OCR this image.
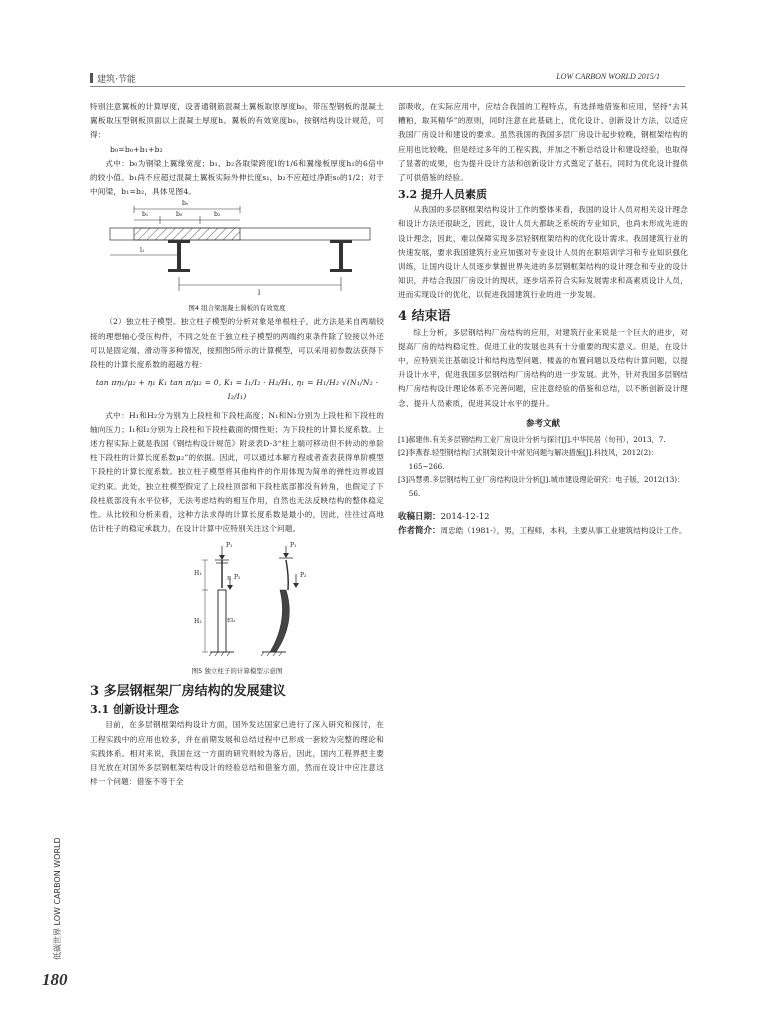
建筑·节能	LOW CARBON WORLD 2015/1
低碳世界 LOW CARBON WORLD
180

特别注意翼板的计算厚度，设普通钢筋混凝土翼板取原厚度h₀，带压型钢板的混凝土翼板取压型钢板顶面以上混凝土厚度h。翼板的有效宽度b₀，按钢结构设计规范，可得：

b₀=b₀+b₁+b₂

式中：b₀为钢梁上翼缘宽度；b₁、b₂各取梁跨度l的1/6和翼缘板厚度h₁的6倍中的较小值。b₁尚不应超过混凝土翼板实际外伸长度s₁，b₂不应超过净距s₀的1/2；对于中间梁，b₁=b₂，具体见图4。

bₑ
b₁	b₀	b₂
l₁
l
图4 组合梁混凝土翼板的有效宽度

（2）独立柱子模型。独立柱子模型的分析对象是单根柱子，此方法是来自两端铰接的理想轴心受压构件，不同之处在于独立柱子模型的两端约束条件除了铰接以外还可以是固定端、滑动等多种情况，按照图5所示的计算模型，可以采用初参数法获得下段柱的计算长度系数的超越方程：

tan πη₁/μ₂ + η₁ K₁ tan π/μ₂ = 0, K₁ = I₁/I₂ · H₂/H₁, η₁ = H₁/H₂ √(N₁/N₂ · I₂/I₁)

式中：H₁和H₂分为别为上段柱和下段柱高度；N₁和N₂分别为上段柱和下段柱的轴向压力；I₁和I₂分别为上段柱和下段柱截面的惯性矩；为下段柱的计算长度系数。上述方程实际上就是我国《钢结构设计规范》附录表D-3“柱上端可移动但不转动的单阶柱下段柱的计算长度系数μ₂”的依据。因此，可以通过本解方程或者查表获得单阶模型下段柱的计算长度系数。独立柱子模型将其他构件的作用体现为简单的弹性边界或固定约束。此处，独立柱模型假定了上段柱顶部和下段柱底部都没有转角，也假定了下段柱底部没有水平位移，无法考虑结构的相互作用，自然也无法反映结构的整体稳定性。从比较和分析来看，这种方法求得的计算长度系数是最小的，因此，往往过高地估计柱子的稳定承载力，在设计计算中应特别关注这个问题。

P₁
P₂
P₁
P₂
H₁
H₂
I₁
EI₂
图5 独立柱子的计算模型示意图
3 多层钢框架厂房结构的发展建议
3.1 创新设计理念

目前，在多层钢框架结构设计方面，国外发达国家已进行了深入研究和探讨，在工程实践中的应用也较多，并在前期发展和总结过程中已形成一套较为完整的理论和实践体系。相对来说，我国在这一方面的研究则较为落后，因此，国内工程界把主要目光放在对国外多层钢框架结构设计的经验总结和借鉴方面，然而在设计中应注意这样一个问题：借鉴不等于全

部吸收，在实际应用中，应结合我国的工程特点，有选择地借鉴和应用，坚持“去其糟粕，取其精华”的原则，同时注意在此基础上，优化设计、创新设计方法，以适应我国厂房设计和建设的要求。虽然我国的我国多层厂房设计起步较晚，钢框架结构的应用也比较晚，但是经过多年的工程实践，并加之不断总结设计和建设经验，也取得了显著的成果，也为提升设计方法和创新设计方式奠定了基石，同时为优化设计提供了可供借鉴的经验。

3.2 提升人员素质

从我国的多层钢框架结构设计工作的整体来看，我国的设计人员对相关设计理念和设计方法还很缺乏，因此，设计人员大都缺乏系统的专业知识，也尚未形成先进的设计理念，因此，难以保障实现多层轻钢框架结构的优化设计需求。我国建筑行业的快速发展，要求我国建筑行业应加强对专业设计人员的在职培训学习和专业知识强化训练，让国内设计人员逐步掌握世界先进的多层钢框架结构的设计理念和专业的设计知识，并结合我国厂房设计的现状，逐步培养符合实际发展需求和高素质设计人员，进而实现设计的优化，以促进我国建筑行业的进一步发展。

4 结束语

综上分析，多层钢结构厂房结构的应用，对建筑行业来说是一个巨大的进步，对提高厂房的结构稳定性、促进工业的发展也具有十分重要的现实意义。但是，在设计中，应特别关注基础设计和结构选型问题、楼盖的布置问题以及结构计算问题，以提升设计水平，促进我国多层钢结构厂房结构的进一步发展。此外，针对我国多层钢结构厂房结构设计理论体系不完善问题，应注意经验的借鉴和总结，以不断创新设计理念、提升人员素质，促进其设计水平的提升。

参考文献

[1]郝建伟.有关多层钢结构工业厂房设计分析与探讨[J].中华民居（旬刊），2013，7.

[2]李燕春.轻型钢结构门式钢架设计中常见问题与解决措施[J].科技风，2012(2)：165~266.

[3]冯慧勇.多层钢结构工业厂房结构设计分析[J].城市建设理论研究：电子版，2012(13)：56.

收稿日期：2014-12-12

作者简介：周忠皓（1981-），男，工程师，本科，主要从事工业建筑结构设计工作。
